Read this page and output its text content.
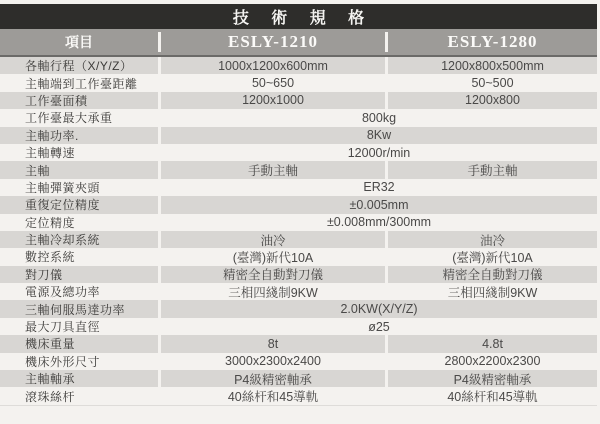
技 術 規 格
項目	ESLY-1210	ESLY-1280
各軸行程（X/Y/Z）	1000x1200x600mm	1200x800x500mm
主軸端到工作臺距離	50~650	50~500
工作臺面積	1200x1000	1200x800
工作臺最大承重	800kg
主軸功率.	8Kw
主軸轉速	12000r/min
主軸	手動主軸	手動主軸
主軸彈簧夾頭	ER32
重復定位精度	±0.005mm
定位精度	±0.008mm/300mm
主軸冷却系統	油冷	油冷
數控系統	(臺灣)新代10A	(臺灣)新代10A
對刀儀	精密全自動對刀儀	精密全自動對刀儀
電源及總功率	三相四綫制9KW	三相四綫制9KW
三軸伺服馬達功率	2.0KW(X/Y/Z)
最大刀具直徑	ø25
機床重量	8t	4.8t
機床外形尺寸	3000x2300x2400	2800x2200x2300
主軸軸承	P4級精密軸承	P4級精密軸承
滾珠絲杆	40絲杆和45導軌	40絲杆和45導軌
